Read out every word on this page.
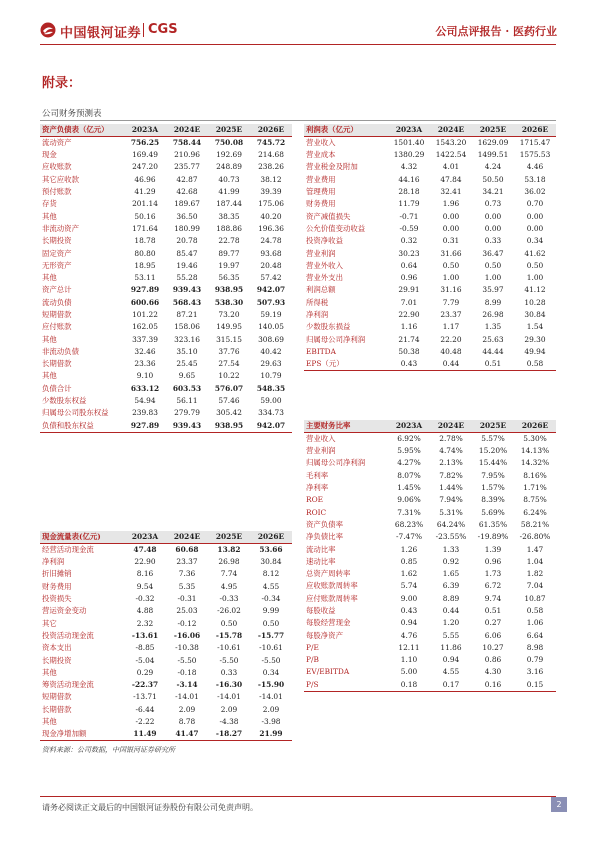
中国银河证券 CGS	公司点评报告 · 医药行业
附录：
公司财务预测表
资产负债表（亿元）	2023A	2024E	2025E	2026E
流动资产	756.25	758.44	750.08	745.72
现金	169.49	210.96	192.69	214.68
应收账款	247.20	235.77	248.89	238.26
其它应收款	46.96	42.87	40.73	38.12
预付账款	41.29	42.68	41.99	39.39
存货	201.14	189.67	187.44	175.06
其他	50.16	36.50	38.35	40.20
非流动资产	171.64	180.99	188.86	196.36
长期投资	18.78	20.78	22.78	24.78
固定资产	80.80	85.47	89.77	93.68
无形资产	18.95	19.46	19.97	20.48
其他	53.11	55.28	56.35	57.42
资产总计	927.89	939.43	938.95	942.07
流动负债	600.66	568.43	538.30	507.93
短期借款	101.22	87.21	73.20	59.19
应付账款	162.05	158.06	149.95	140.05
其他	337.39	323.16	315.15	308.69
非流动负债	32.46	35.10	37.76	40.42
长期借款	23.36	25.45	27.54	29.63
其他	9.10	9.65	10.22	10.79
负债合计	633.12	603.53	576.07	548.35
少数股东权益	54.94	56.11	57.46	59.00
归属母公司股东权益	239.83	279.79	305.42	334.73
负债和股东权益	927.89	939.43	938.95	942.07
利润表（亿元）	2023A	2024E	2025E	2026E
营业收入	1501.40	1543.20	1629.09	1715.47
营业成本	1380.29	1422.54	1499.51	1575.53
营业税金及附加	4.32	4.01	4.24	4.46
营业费用	44.16	47.84	50.50	53.18
管理费用	28.18	32.41	34.21	36.02
财务费用	11.79	1.96	0.73	0.70
资产减值损失	-0.71	0.00	0.00	0.00
公允价值变动收益	-0.59	0.00	0.00	0.00
投资净收益	0.32	0.31	0.33	0.34
营业利润	30.23	31.66	36.47	41.62
营业外收入	0.64	0.50	0.50	0.50
营业外支出	0.96	1.00	1.00	1.00
利润总额	29.91	31.16	35.97	41.12
所得税	7.01	7.79	8.99	10.28
净利润	22.90	23.37	26.98	30.84
少数股东损益	1.16	1.17	1.35	1.54
归属母公司净利润	21.74	22.20	25.63	29.30
EBITDA	50.38	40.48	44.44	49.94
EPS（元）	0.43	0.44	0.51	0.58
主要财务比率	2023A	2024E	2025E	2026E
营业收入	6.92%	2.78%	5.57%	5.30%
营业利润	5.95%	4.74%	15.20%	14.13%
归属母公司净利润	4.27%	2.13%	15.44%	14.32%
毛利率	8.07%	7.82%	7.95%	8.16%
净利率	1.45%	1.44%	1.57%	1.71%
ROE	9.06%	7.94%	8.39%	8.75%
ROIC	7.31%	5.31%	5.69%	6.24%
资产负债率	68.23%	64.24%	61.35%	58.21%
净负债比率	-7.47%	-23.55%	-19.89%	-26.80%
流动比率	1.26	1.33	1.39	1.47
速动比率	0.85	0.92	0.96	1.04
总资产周转率	1.62	1.65	1.73	1.82
应收账款周转率	5.74	6.39	6.72	7.04
应付账款周转率	9.00	8.89	9.74	10.87
每股收益	0.43	0.44	0.51	0.58
每股经营现金	0.94	1.20	0.27	1.06
每股净资产	4.76	5.55	6.06	6.64
P/E	12.11	11.86	10.27	8.98
P/B	1.10	0.94	0.86	0.79
EV/EBITDA	5.00	4.55	4.30	3.16
P/S	0.18	0.17	0.16	0.15
现金流量表(亿元)	2023A	2024E	2025E	2026E
经营活动现金流	47.48	60.68	13.82	53.66
净利润	22.90	23.37	26.98	30.84
折旧摊销	8.16	7.36	7.74	8.12
财务费用	9.54	5.35	4.95	4.55
投资损失	-0.32	-0.31	-0.33	-0.34
营运资金变动	4.88	25.03	-26.02	9.99
其它	2.32	-0.12	0.50	0.50
投资活动现金流	-13.61	-16.06	-15.78	-15.77
资本支出	-8.85	-10.38	-10.61	-10.61
长期投资	-5.04	-5.50	-5.50	-5.50
其他	0.29	-0.18	0.33	0.34
筹资活动现金流	-22.37	-3.14	-16.30	-15.90
短期借款	-13.71	-14.01	-14.01	-14.01
长期借款	-6.44	2.09	2.09	2.09
其他	-2.22	8.78	-4.38	-3.98
现金净增加额	11.49	41.47	-18.27	21.99
资料来源：公司数据，中国银河证券研究所
请务必阅读正文最后的中国银河证券股份有限公司免责声明。	2
